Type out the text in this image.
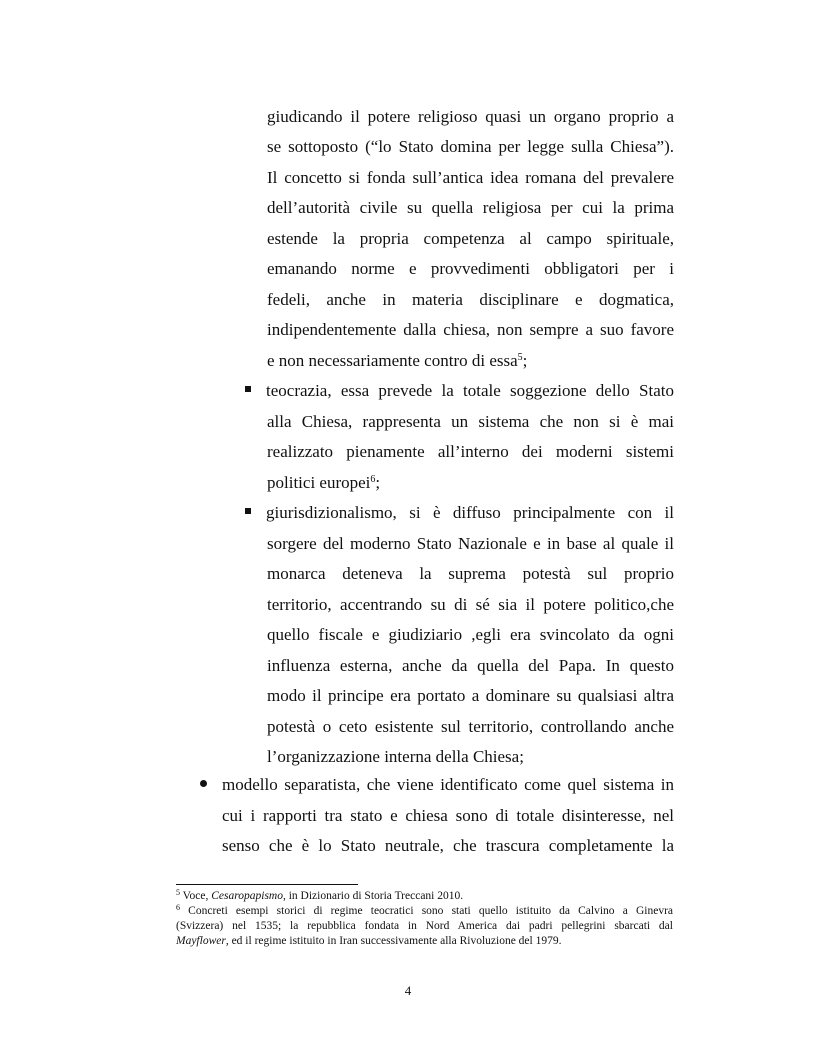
giudicando il potere religioso quasi un organo proprio a
se sottoposto (“lo Stato domina per legge sulla Chiesa”).
Il concetto si fonda sull’antica idea romana del prevalere
dell’autorità civile su quella religiosa per cui la prima
estende la propria competenza al campo spirituale,
emanando norme e provvedimenti obbligatori per i
fedeli, anche in materia disciplinare e dogmatica,
indipendentemente dalla chiesa, non sempre a suo favore
e non necessariamente contro di essa$^5$;
teocrazia, essa prevede la totale soggezione dello Stato
alla Chiesa, rappresenta un sistema che non si è mai
realizzato pienamente all’interno dei moderni sistemi
politici europei$^6$;
giurisdizionalismo, si è diffuso principalmente con il
sorgere del moderno Stato Nazionale e in base al quale il
monarca deteneva la suprema potestà sul proprio
territorio, accentrando su di sé sia il potere politico,che
quello fiscale e giudiziario ,egli era svincolato da ogni
influenza esterna, anche da quella del Papa. In questo
modo il principe era portato a dominare su qualsiasi altra
potestà o ceto esistente sul territorio, controllando anche
l’organizzazione interna della Chiesa;
modello separatista, che viene identificato come quel sistema in
cui i rapporti tra stato e chiesa sono di totale disinteresse, nel
senso che è lo Stato neutrale, che trascura completamente la
$^5$ Voce, Cesaropapismo, in Dizionario di Storia Treccani 2010.
$^6$ Concreti esempi storici di regime teocratici sono stati quello istituito da Calvino a Ginevra
(Svizzera) nel 1535; la repubblica fondata in Nord America dai padri pellegrini sbarcati dal
Mayflower, ed il regime istituito in Iran successivamente alla Rivoluzione del 1979.
4
